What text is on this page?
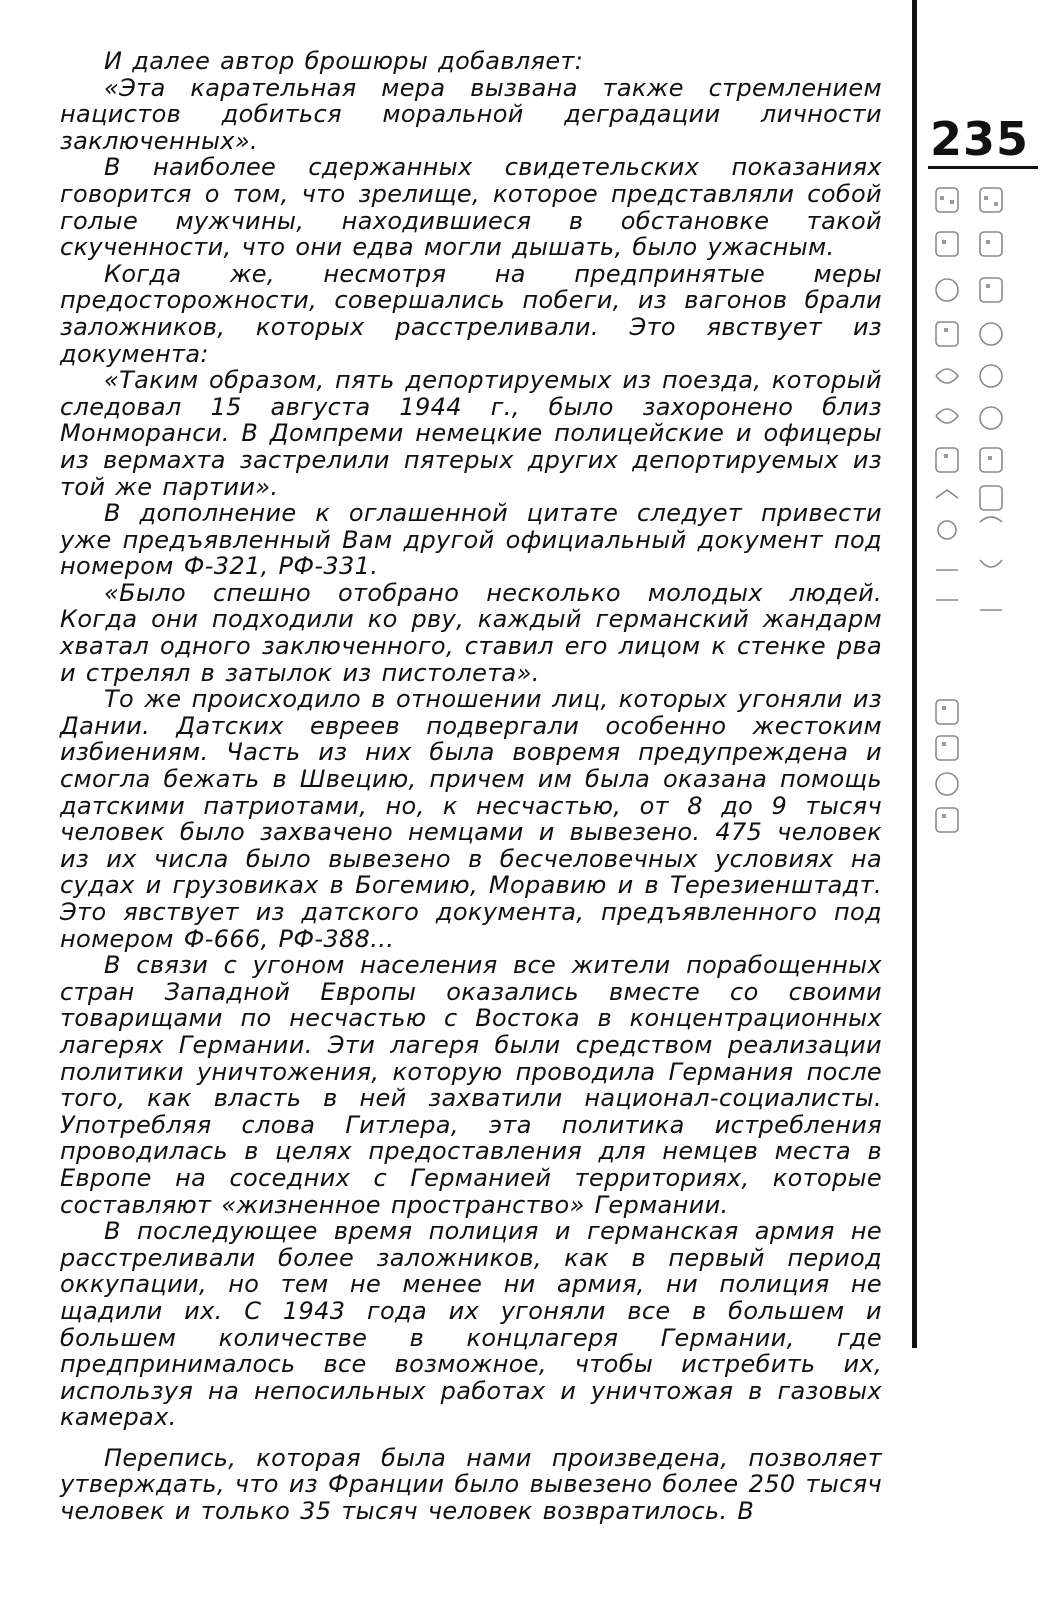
И далее автор брошюры добавляет:

«Эта карательная мера вызвана также стремлением нацистов добиться моральной деградации личности заключенных».

В наиболее сдержанных свидетельских показаниях говорится о том, что зрелище, которое представляли собой голые мужчины, находившиеся в обстановке такой скученности, что они едва могли дышать, было ужасным.

Когда же, несмотря на предпринятые меры предосторожности, совершались побеги, из вагонов брали заложников, которых расстреливали. Это явствует из документа:

«Таким образом, пять депортируемых из поезда, который следовал 15 августа 1944 г., было захоронено близ Монморанси. В Домпреми немецкие полицейские и офицеры из вермахта застрелили пятерых других депортируемых из той же партии».

В дополнение к оглашенной цитате следует привести уже предъявленный Вам другой официальный документ под номером Ф-321, РФ-331.

«Было спешно отобрано несколько молодых людей. Когда они подходили ко рву, каждый германский жандарм хватал одного заключенного, ставил его лицом к стенке рва и стрелял в затылок из пистолета».

То же происходило в отношении лиц, которых угоняли из Дании. Датских евреев подвергали особенно жестоким избиениям. Часть из них была вовремя предупреждена и смогла бежать в Швецию, причем им была оказана помощь датскими патриотами, но, к несчастью, от 8 до 9 тысяч человек было захвачено немцами и вывезено. 475 человек из их числа было вывезено в бесчеловечных условиях на судах и грузовиках в Богемию, Моравию и в Терезиенштадт. Это явствует из датского документа, предъявленного под номером Ф-666, РФ-388...

В связи с угоном населения все жители порабощенных стран Западной Европы оказались вместе со своими товарищами по несчастью с Востока в концентрационных лагерях Германии. Эти лагеря были средством реализации политики уничтожения, которую проводила Германия после того, как власть в ней захватили национал-социалисты. Употребляя слова Гитлера, эта политика истребления проводилась в целях предоставления для немцев места в Европе на соседних с Германией территориях, которые составляют «жизненное пространство» Германии.

В последующее время полиция и германская армия не расстреливали более заложников, как в первый период оккупации, но тем не менее ни армия, ни полиция не щадили их. С 1943 года их угоняли все в большем и большем количестве в концлагеря Германии, где предпринималось все возможное, чтобы истребить их, используя на непосильных работах и уничтожая в газовых камерах.

Перепись, которая была нами произведена, позволяет утверждать, что из Франции было вывезено более 250 тысяч человек и только 35 тысяч человек возвратилось. В

235
